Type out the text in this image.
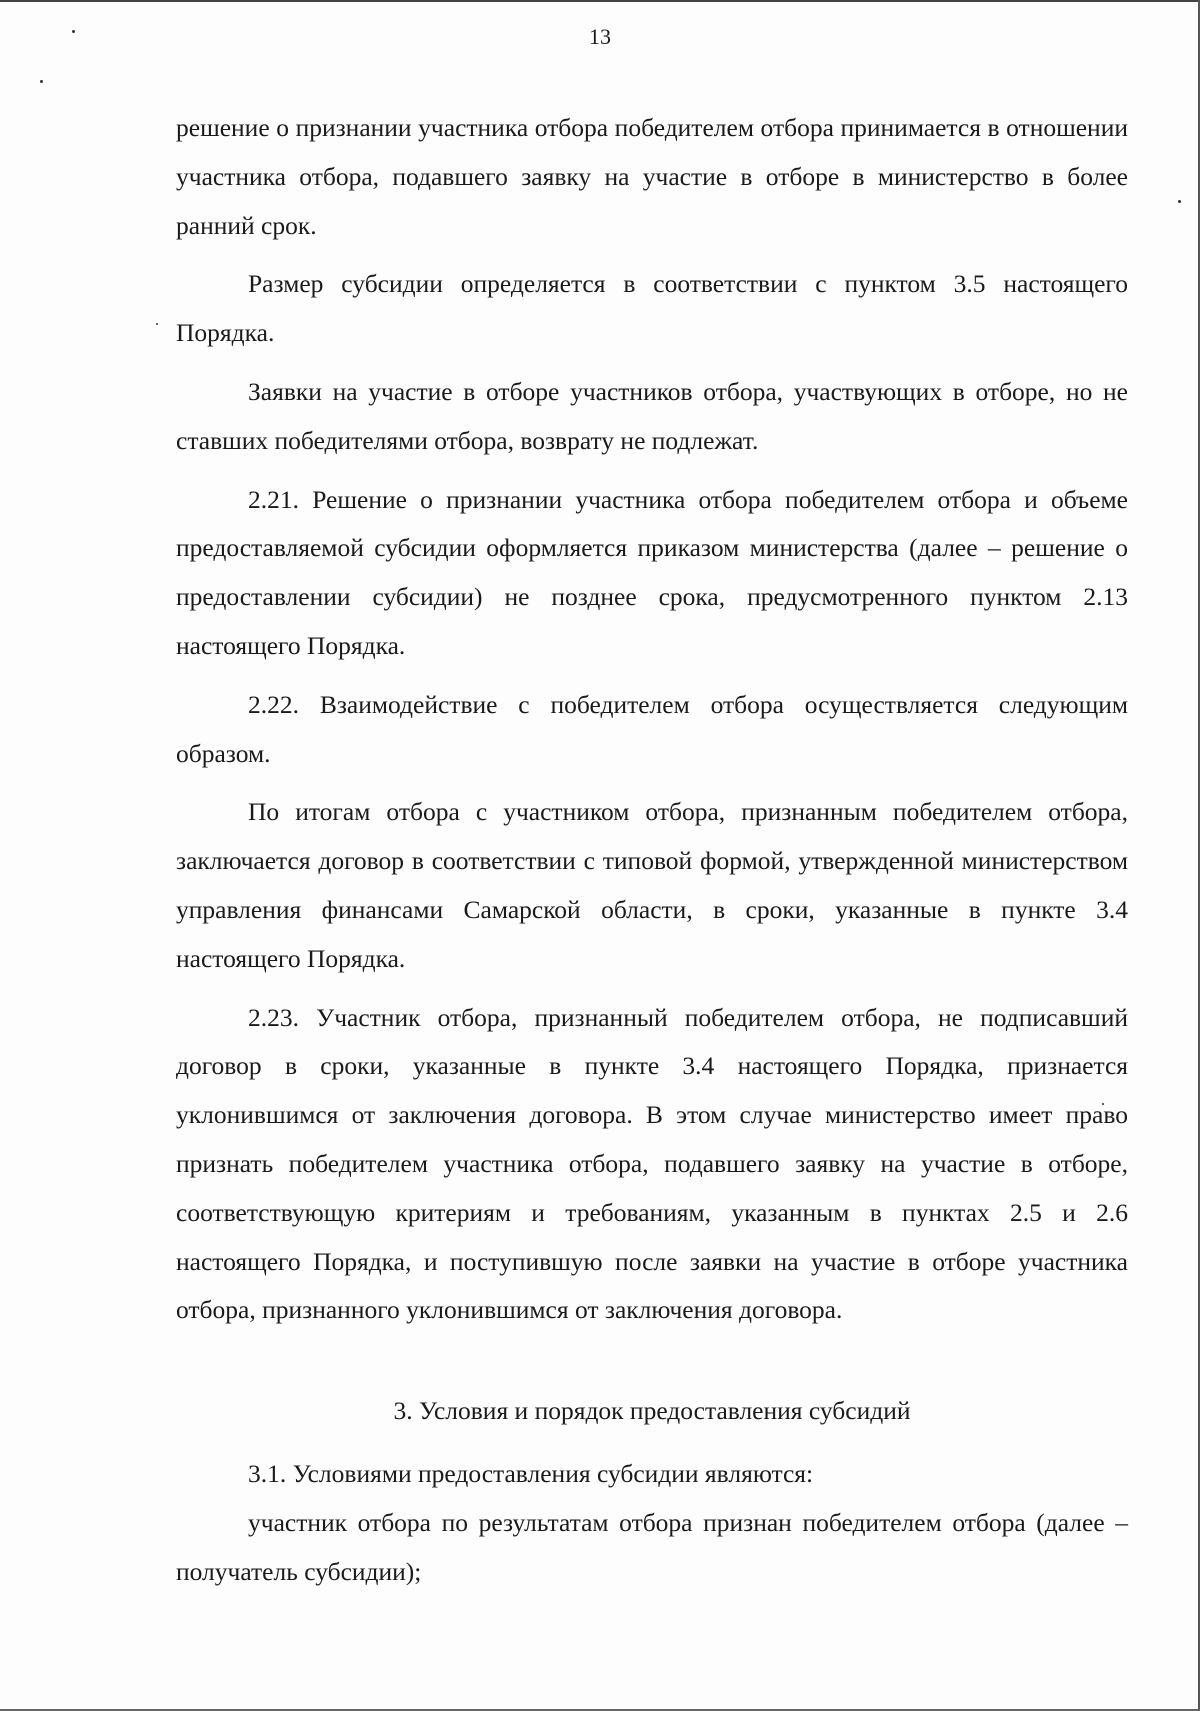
13

решение о признании участника отбора победителем отбора принимается в отношении участника отбора, подавшего заявку на участие в отборе в министерство в более ранний срок.

Размер субсидии определяется в соответствии с пунктом 3.5 настоящего Порядка.

Заявки на участие в отборе участников отбора, участвующих в отборе, но не ставших победителями отбора, возврату не подлежат.

2.21. Решение о признании участника отбора победителем отбора и объеме предоставляемой субсидии оформляется приказом министерства (далее – решение о предоставлении субсидии) не позднее срока, предусмотренного пунктом 2.13 настоящего Порядка.

2.22. Взаимодействие с победителем отбора осуществляется следующим образом.

По итогам отбора с участником отбора, признанным победителем отбора, заключается договор в соответствии с типовой формой, утвержденной министерством управления финансами Самарской области, в сроки, указанные в пункте 3.4 настоящего Порядка.

2.23. Участник отбора, признанный победителем отбора, не подписавший договор в сроки, указанные в пункте 3.4 настоящего Порядка, признается уклонившимся от заключения договора. В этом случае министерство имеет право признать победителем участника отбора, подавшего заявку на участие в отборе, соответствующую критериям и требованиям, указанным в пунктах 2.5 и 2.6 настоящего Порядка, и поступившую после заявки на участие в отборе участника отбора, признанного уклонившимся от заключения договора.

3. Условия и порядок предоставления субсидий

3.1. Условиями предоставления субсидии являются:

участник отбора по результатам отбора признан победителем отбора (далее – получатель субсидии);
